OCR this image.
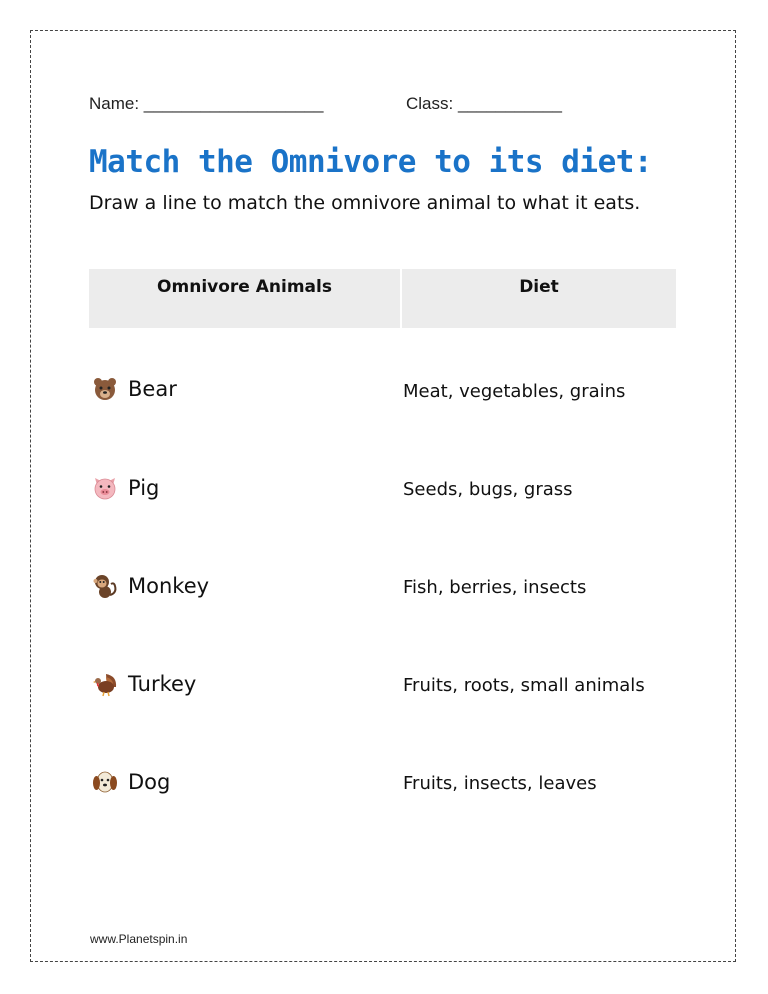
Name: ___________________	Class: ___________
Match the Omnivore to its diet:
Draw a line to match the omnivore animal to what it eats.
Omnivore Animals	Diet
Bear
Pig
Monkey
Turkey
Dog
Meat, vegetables, grains
Seeds, bugs, grass
Fish, berries, insects
Fruits, roots, small animals
Fruits, insects, leaves
www.Planetspin.in
